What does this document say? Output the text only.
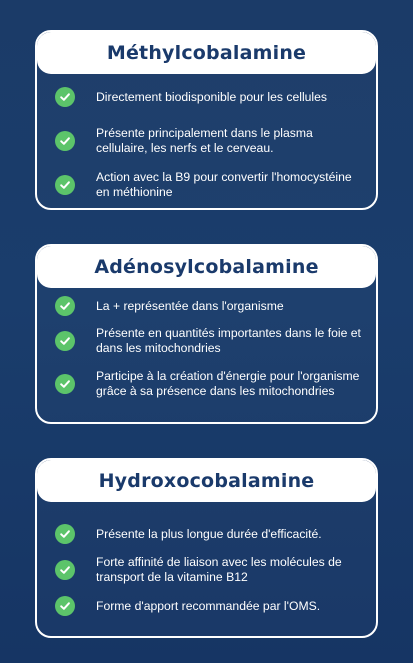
Méthylcobalamine
Directement biodisponible pour les cellules
Présente principalement dans le plasma cellulaire, les nerfs et le cerveau.
Action avec la B9 pour convertir l'homocystéine en méthionine
Adénosylcobalamine
La + représentée dans l'organisme
Présente en quantités importantes dans le foie et dans les mitochondries
Participe à la création d'énergie pour l'organisme grâce à sa présence dans les mitochondries
Hydroxocobalamine
Présente la plus longue durée d'efficacité.
Forte affinité de liaison avec les molécules de transport de la vitamine B12
Forme d'apport recommandée par l'OMS.
